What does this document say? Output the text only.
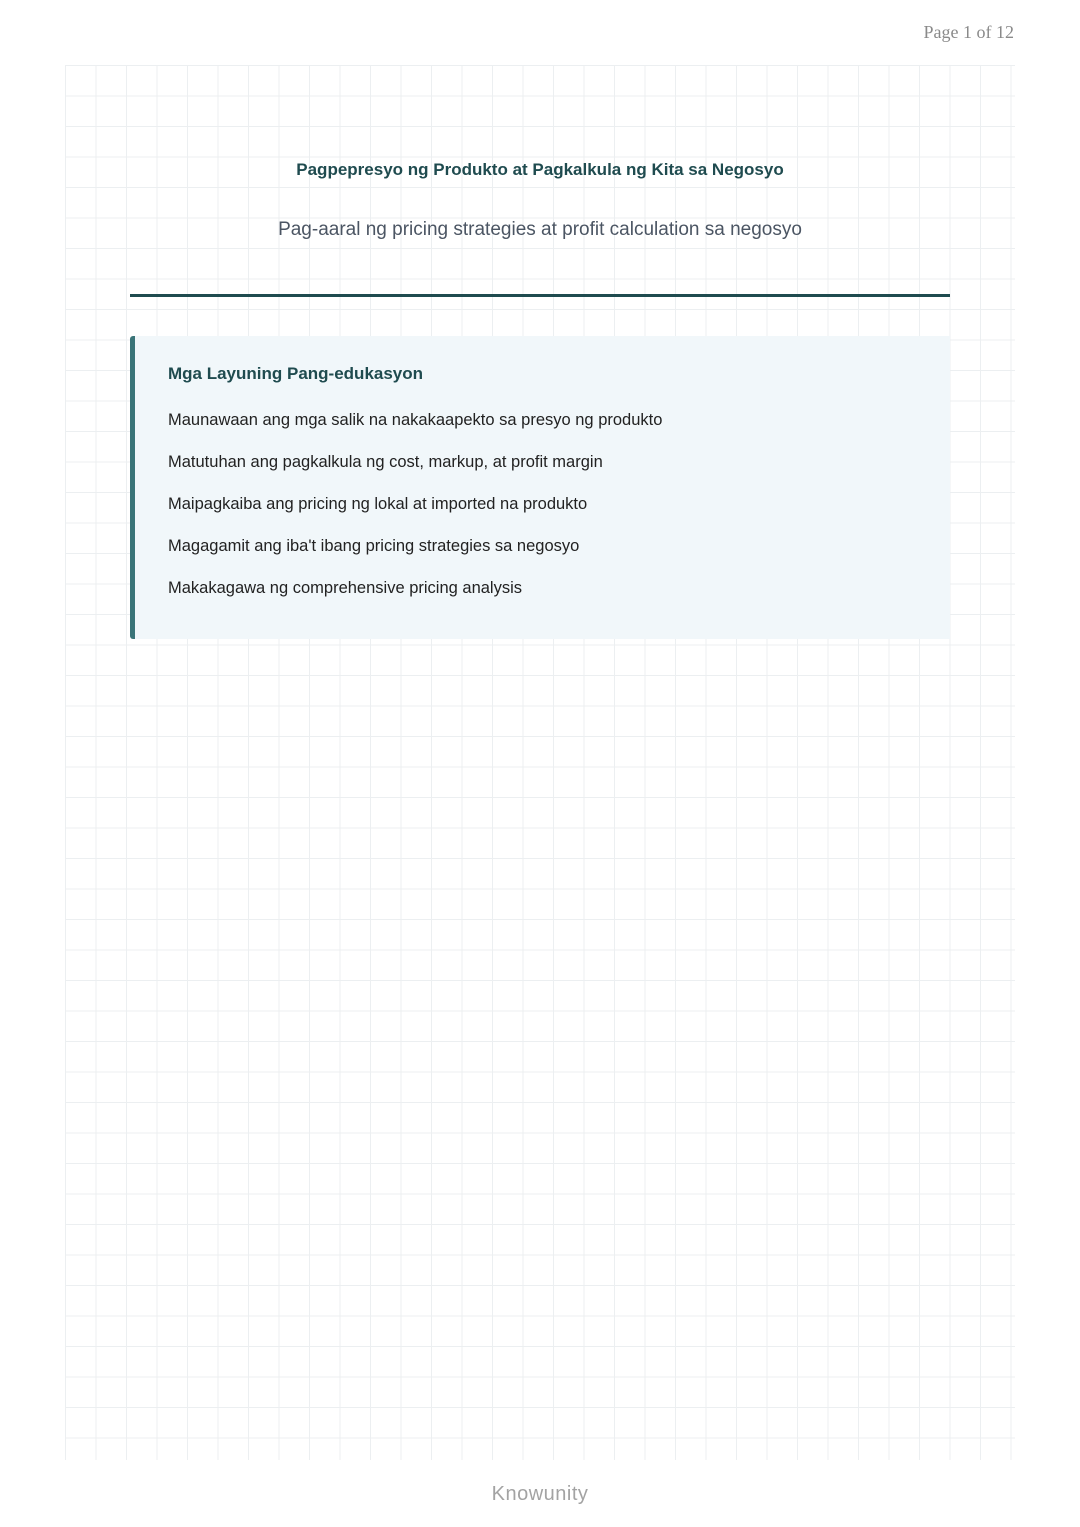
Page 1 of 12
Pagpepresyo ng Produkto at Pagkalkula ng Kita sa Negosyo
Pag-aaral ng pricing strategies at profit calculation sa negosyo
Mga Layuning Pang-edukasyon
Maunawaan ang mga salik na nakakaapekto sa presyo ng produkto
Matutuhan ang pagkalkula ng cost, markup, at profit margin
Maipagkaiba ang pricing ng lokal at imported na produkto
Magagamit ang iba't ibang pricing strategies sa negosyo
Makakagawa ng comprehensive pricing analysis
Knowunity
